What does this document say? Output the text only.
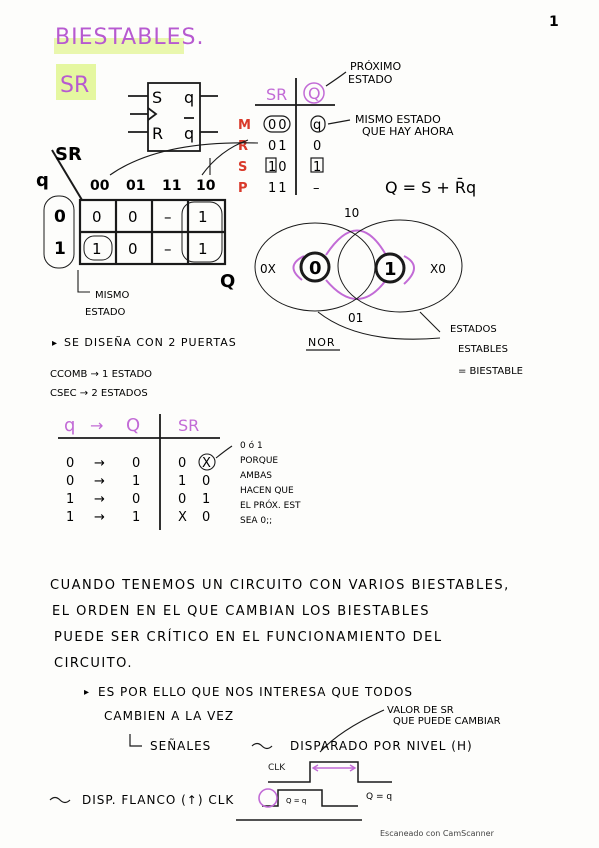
BIESTABLES.
1
SR	S q
R q
SR Q
PRÓXIMO
ESTADO
M 00 q
R 01 0
S 10 1
P 11 –
MISMO ESTADO
QUE HAY AHORA
Q = S + R̄q
SR
q	00 01 11 10
0 0 0 – 1
1 1 0 – 1
Q
MISMO
ESTADO
0	1
10
01
0X	X0
ESTADOS
ESTABLES
= BIESTABLE
▸ SE DISEÑA CON 2 PUERTAS	NOR
CCOMB → 1 ESTADO
CSEC → 2 ESTADOS
q → Q SR
0 → 0	0 X
0 → 1	1 0
1 → 0	0 1
1 → 1	X 0
0 ó 1
PORQUE
AMBAS
HACEN QUE
EL PRÓX. EST
SEA 0;;
CUANDO TENEMOS UN CIRCUITO CON VARIOS BIESTABLES,
EL ORDEN EN EL QUE CAMBIAN LOS BIESTABLES
PUEDE SER CRÍTICO EN EL FUNCIONAMIENTO DEL
CIRCUITO.
▸ ES POR ELLO QUE NOS INTERESA QUE TODOS
CAMBIEN A LA VEZ	VALOR DE SR
QUE PUEDE CAMBIAR
SEÑALES	DISPARADO POR NIVEL (H)
CLK
Q = q	Q = q
DISP. FLANCO (↑) CLK
Escaneado con CamScanner
